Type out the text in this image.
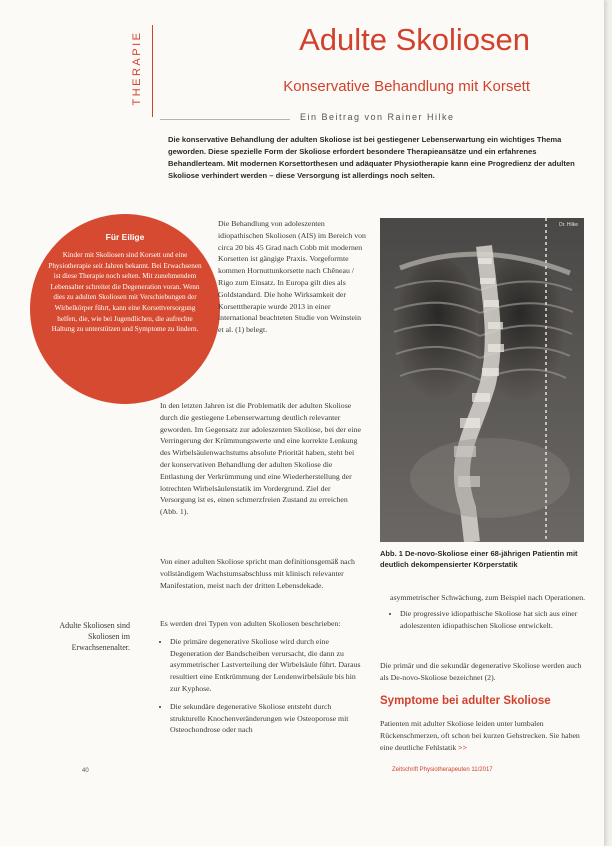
THERAPIE	Adulte Skoliosen
Konservative Behandlung mit Korsett
Ein Beitrag von Rainer Hilke

Die konservative Behandlung der adulten Skoliose ist bei gestiegener Lebenserwartung ein wichtiges Thema geworden. Diese spezielle Form der Skoliose erfordert besondere Therapieansätze und ein erfahrenes Behandlerteam. Mit modernen Korsettorthesen und adäquater Physiotherapie kann eine Progredienz der adulten Skoliose verhindert werden – diese Versorgung ist allerdings noch selten.

Für Eilige
Kinder mit Skoliosen sind Korsett und eine Physiotherapie seit Jahren bekannt. Bei Erwachsenen ist diese Therapie noch selten. Mit zunehmendem Lebensalter schreitet die Degeneration voran. Wenn dies zu adulten Skoliosen mit Verschiebungen der Wirbelkörper führt, kann eine Korsettversorgung helfen, die, wie bei Jugendlichen, die aufrechte Haltung zu unterstützen und Symptome zu lindern.

Die Behandlung von adoleszenten idiopathischen Skoliosen (AIS) im Bereich von circa 20 bis 45 Grad nach Cobb mit modernen Korsetten ist gängige Praxis. Vorgeformte kommen Hornuttunkorsette nach Chêneau / Rigo zum Einsatz. In Europa gilt dies als Goldstandard. Die hohe Wirksamkeit der Korsetttherapie wurde 2013 in einer international beachteten Studie von Weinstein et al. (1) belegt.

In den letzten Jahren ist die Problematik der adulten Skoliose durch die gestiegene Lebenserwartung deutlich relevanter geworden. Im Gegensatz zur adoleszenten Skoliose, bei der eine Verringerung der Krümmungswerte und eine korrekte Lenkung des Wirbelsäulenwachstums absolute Priorität haben, steht bei der konservativen Behandlung der adulten Skoliose die Entlastung der Verkrümmung und eine Wiederherstellung der lotrechten Wirbelsäulenstatik im Vordergrund. Ziel der Versorgung ist es, einen schmerzfreien Zustand zu erreichen (Abb. 1).

Von einer adulten Skoliose spricht man definitionsgemäß nach vollständigem Wachstumsabschluss mit klinisch relevanter Manifestation, meist nach der dritten Lebensdekade.

Es werden drei Typen von adulten Skoliosen beschrieben:

• Die primäre degenerative Skoliose wird durch eine Degeneration der Bandscheiben verursacht, die dann zu asymmetrischer Lastverteilung der Wirbelsäule führt. Daraus resultiert eine Entkrümmung der Lendenwirbelsäule bis hin zur Kyphose.
• Die sekundäre degenerative Skoliose entsteht durch strukturelle Knochenveränderungen wie Osteoporose mit Osteochondrose oder nach
Adulte Skoliosen sind Skoliosen im Erwachsenenalter.
Dr. Hilke
Abb. 1 De-novo-Skoliose einer 68-jährigen Patientin mit deutlich dekompensierter Körperstatik

asymmetrischer Schwächung, zum Beispiel nach Operationen.

• Die progressive idiopathische Skoliose hat sich aus einer adoleszenten idiopathischen Skoliose entwickelt.

Die primär und die sekundär degenerative Skoliose werden auch als De-novo-Skoliose bezeichnet (2).

Symptome bei adulter Skoliose

Patienten mit adulter Skoliose leiden unter lumbalen Rückenschmerzen, oft schon bei kurzen Gehstrecken. Sie haben eine deutliche Fehlstatik >>

40	Zeitschrift Physiotherapeuten 11/2017
